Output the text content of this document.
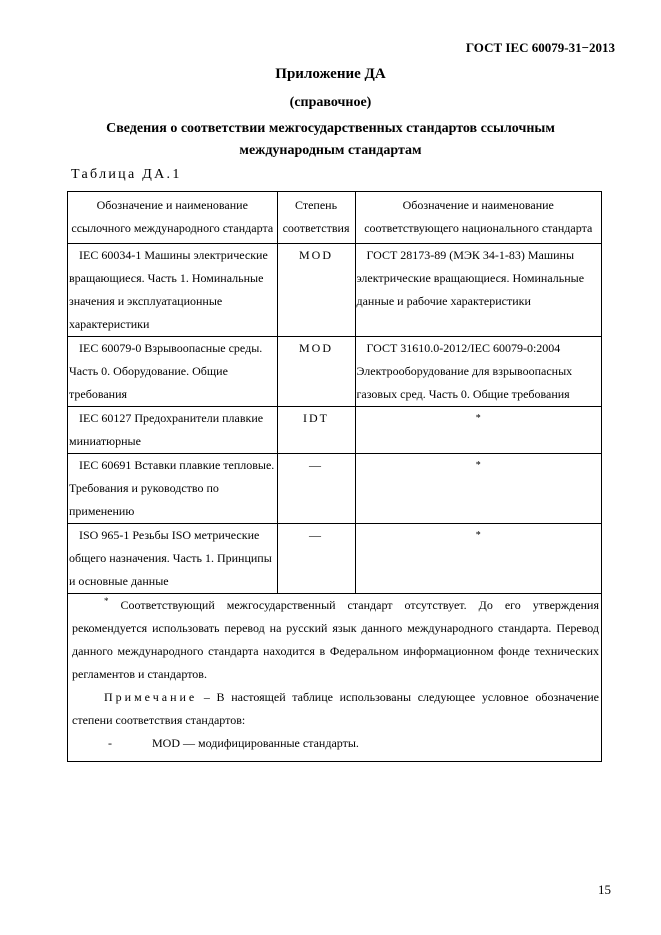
ГОСТ IEC 60079-31−2013
Приложение ДА
(справочное)
Сведения о соответствии межгосударственных стандартов ссылочным
международным стандартам
Таблица ДА.1
Обозначение и наименование ссылочного международного стандарта	Степень соответствия	Обозначение и наименование соответствующего национального стандарта
IEC 60034-1 Машины электрические вращающиеся. Часть 1. Номинальные значения и эксплуатационные характеристики	MOD	ГОСТ 28173-89 (МЭК 34-1-83) Машины электрические вращающиеся. Номинальные данные и рабочие характеристики
IEC 60079-0 Взрывоопасные среды. Часть 0. Оборудование. Общие требования	MOD	ГОСТ 31610.0-2012/IEC 60079-0:2004 Электрооборудование для взрывоопасных газовых сред. Часть 0. Общие требования
IEC 60127 Предохранители плавкие миниатюрные	IDT	*
IEC 60691 Вставки плавкие тепловые. Требования и руководство по применению	—	*
ISO 965-1 Резьбы ISO метрические общего назначения. Часть 1. Принципы и основные данные	—	*

* Соответствующий межгосударственный стандарт отсутствует. До его утверждения рекомендуется использовать перевод на русский язык данного международного стандарта. Перевод данного международного стандарта находится в Федеральном информационном фонде технических регламентов и стандартов.

Примечание – В настоящей таблице использованы следующее условное обозначение степени соответствия стандартов:

- MOD — модифицированные стандарты.		

15
